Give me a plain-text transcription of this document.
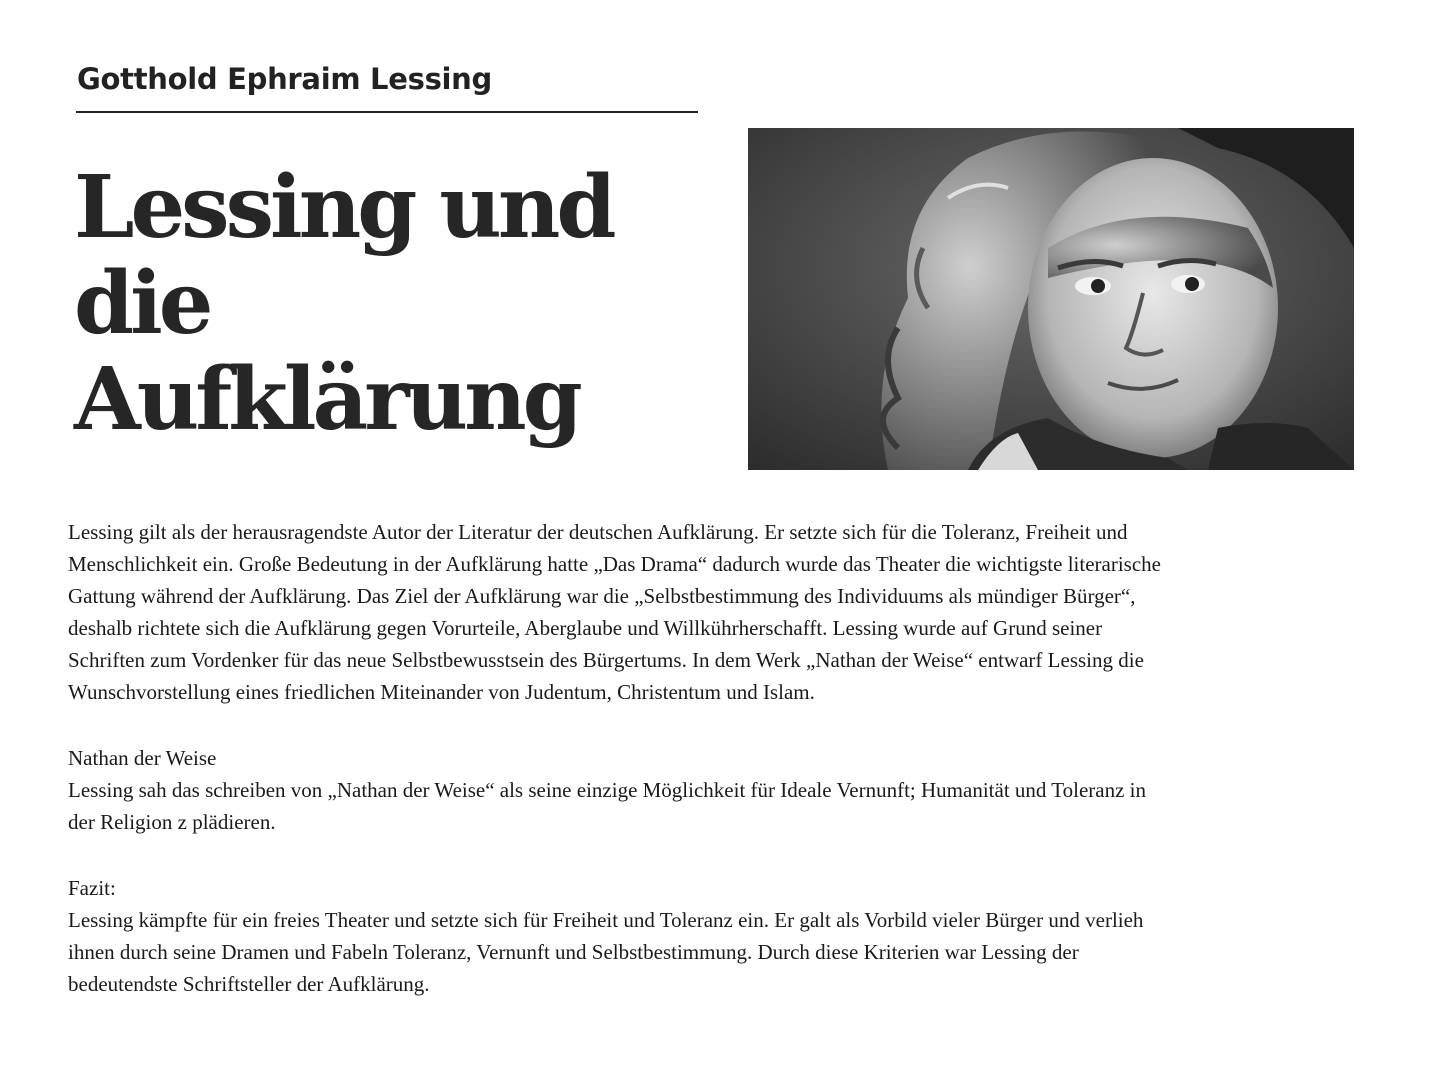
Gotthold Ephraim Lessing
Lessing und
die
Aufklärung

Lessing gilt als der herausragendste Autor der Literatur der deutschen Aufklärung. Er setzte sich für die Toleranz, Freiheit und
Menschlichkeit ein. Große Bedeutung in der Aufklärung hatte „Das Drama“ dadurch wurde das Theater die wichtigste literarische
Gattung während der Aufklärung. Das Ziel der Aufklärung war die „Selbstbestimmung des Individuums als mündiger Bürger“,
deshalb richtete sich die Aufklärung gegen Vorurteile, Aberglaube und Willkührherschafft. Lessing wurde auf Grund seiner
Schriften zum Vordenker für das neue Selbstbewusstsein des Bürgertums. In dem Werk „Nathan der Weise“ entwarf Lessing die
Wunschvorstellung eines friedlichen Miteinander von Judentum, Christentum und Islam.

Nathan der Weise
Lessing sah das schreiben von „Nathan der Weise“ als seine einzige Möglichkeit für Ideale Vernunft; Humanität und Toleranz in
der Religion z plädieren.

Fazit:
Lessing kämpfte für ein freies Theater und setzte sich für Freiheit und Toleranz ein. Er galt als Vorbild vieler Bürger und verlieh
ihnen durch seine Dramen und Fabeln Toleranz, Vernunft und Selbstbestimmung. Durch diese Kriterien war Lessing der
bedeutendste Schriftsteller der Aufklärung.
